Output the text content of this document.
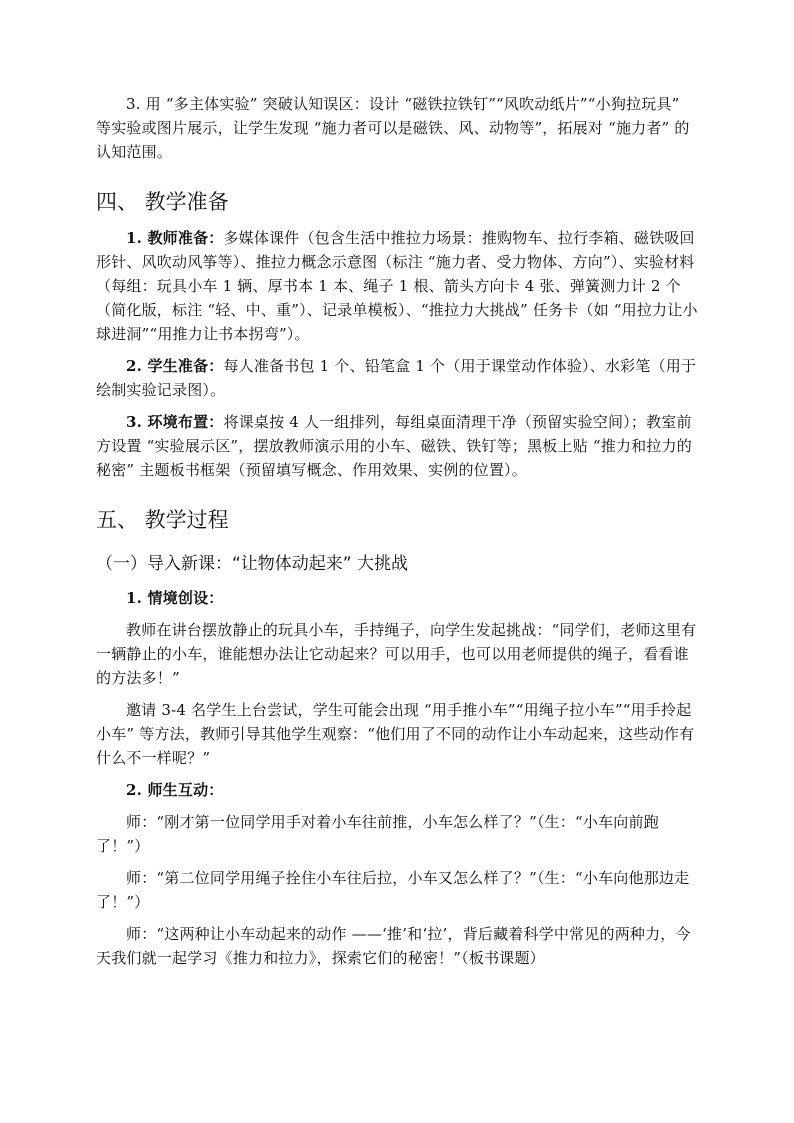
3. 用 “多主体实验” 突破认知误区：设计 “磁铁拉铁钉”“风吹动纸片”“小狗拉玩具” 等实验或图片展示，让学生发现 “施力者可以是磁铁、风、动物等”，拓展对 “施力者” 的认知范围。

四、 教学准备

1. 教师准备：多媒体课件（包含生活中推拉力场景：推购物车、拉行李箱、磁铁吸回形针、风吹动风筝等）、推拉力概念示意图（标注 “施力者、受力物体、方向”）、实验材料（每组：玩具小车 1 辆、厚书本 1 本、绳子 1 根、箭头方向卡 4 张、弹簧测力计 2 个（简化版，标注 “轻、中、重”）、记录单模板）、“推拉力大挑战” 任务卡（如 “用拉力让小球进洞”“用推力让书本拐弯”）。

2. 学生准备：每人准备书包 1 个、铅笔盒 1 个（用于课堂动作体验）、水彩笔（用于绘制实验记录图）。

3. 环境布置：将课桌按 4 人一组排列，每组桌面清理干净（预留实验空间）；教室前方设置 “实验展示区”，摆放教师演示用的小车、磁铁、铁钉等；黑板上贴 “推力和拉力的秘密” 主题板书框架（预留填写概念、作用效果、实例的位置）。

五、 教学过程
（一）导入新课：“让物体动起来” 大挑战

1. 情境创设：

教师在讲台摆放静止的玩具小车，手持绳子，向学生发起挑战：“同学们，老师这里有一辆静止的小车，谁能想办法让它动起来？可以用手，也可以用老师提供的绳子，看看谁的方法多！”

邀请 3-4 名学生上台尝试，学生可能会出现 “用手推小车”“用绳子拉小车”“用手拎起小车” 等方法，教师引导其他学生观察：“他们用了不同的动作让小车动起来，这些动作有什么不一样呢？”

2. 师生互动：

师：“刚才第一位同学用手对着小车往前推，小车怎么样了？”（生：“小车向前跑了！”）

师：“第二位同学用绳子拴住小车往后拉，小车又怎么样了？”（生：“小车向他那边走了！”）

师：“这两种让小车动起来的动作 ——‘推’和‘拉’，背后藏着科学中常见的两种力，今天我们就一起学习《推力和拉力》，探索它们的秘密！”（板书课题）
